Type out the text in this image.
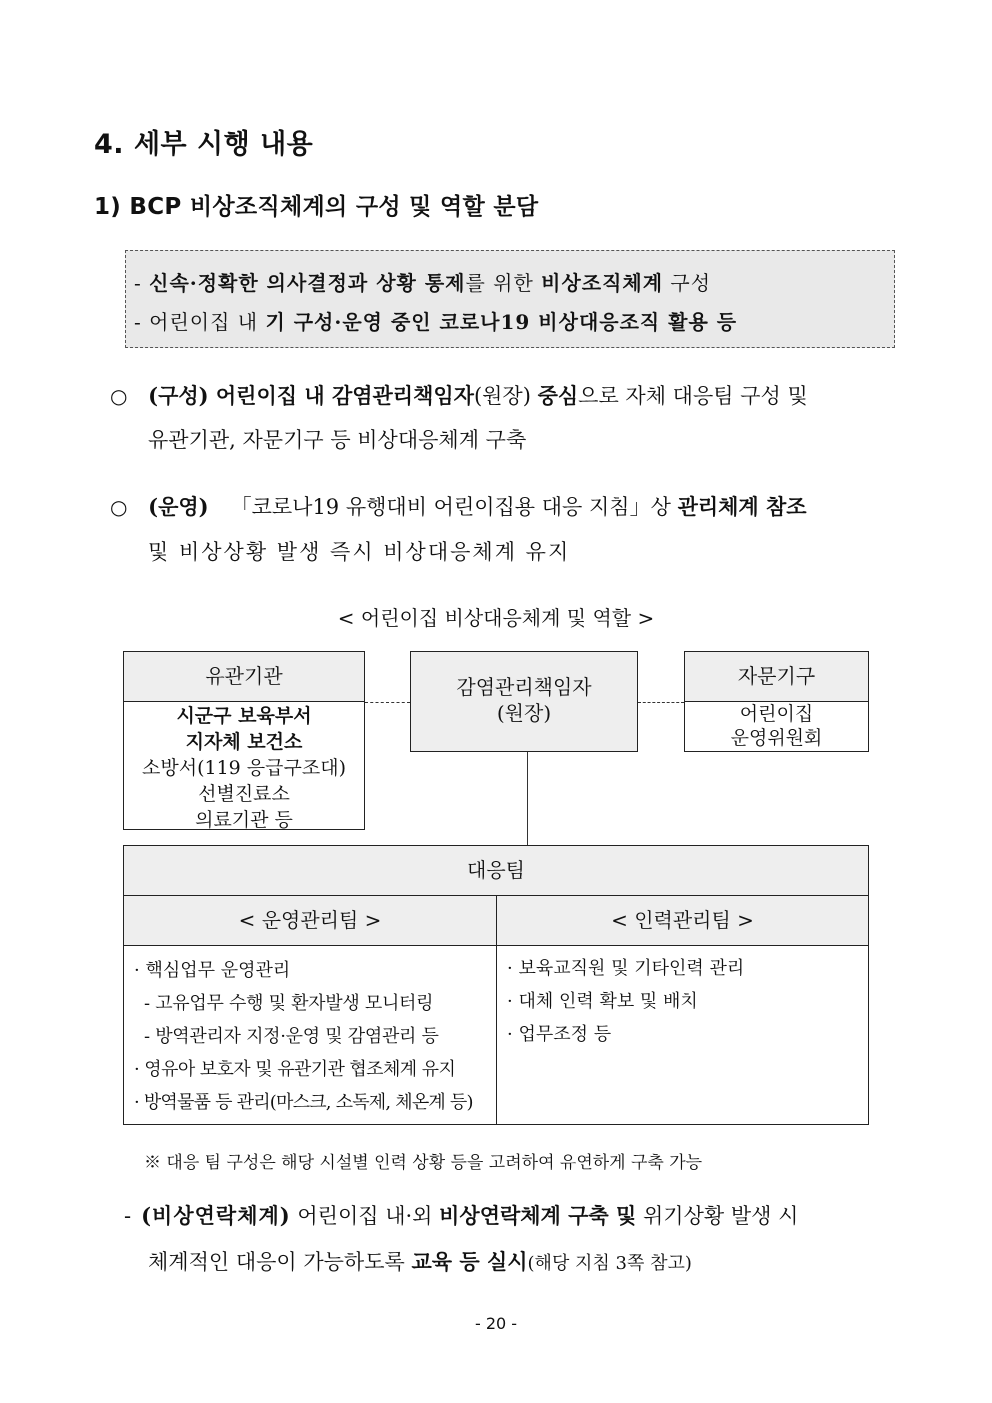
4. 세부 시행 내용
1) BCP 비상조직체계의 구성 및 역할 분담
- 신속·정확한 의사결정과 상황 통제를 위한 비상조직체계 구성
- 어린이집 내 기 구성·운영 중인 코로나19 비상대응조직 활용 등
○ (구성) 어린이집 내 감염관리책임자(원장) 중심으로 자체 대응팀 구성 및
유관기관, 자문기구 등 비상대응체계 구축
○ (운영) 「코로나19 유행대비 어린이집용 대응 지침」상 관리체계 참조
및 비상상황 발생 즉시 비상대응체계 유지
< 어린이집 비상대응체계 및 역할 >
유관기관
시군구 보육부서
지자체 보건소
소방서(119 응급구조대)
선별진료소
의료기관 등
감염관리책임자
(원장)
자문기구
어린이집
운영위원회
대응팀
< 운영관리팀 >	< 인력관리팀 >
· 핵심업무 운영관리
- 고유업무 수행 및 환자발생 모니터링
- 방역관리자 지정·운영 및 감염관리 등
· 영유아 보호자 및 유관기관 협조체계 유지
· 방역물품 등 관리(마스크, 소독제, 체온계 등)
· 보육교직원 및 기타인력 관리
· 대체 인력 확보 및 배치
· 업무조정 등
※ 대응 팀 구성은 해당 시설별 인력 상황 등을 고려하여 유연하게 구축 가능
- (비상연락체계) 어린이집 내·외 비상연락체계 구축 및 위기상황 발생 시
체계적인 대응이 가능하도록 교육 등 실시(해당 지침 3쪽 참고)
- 20 -
